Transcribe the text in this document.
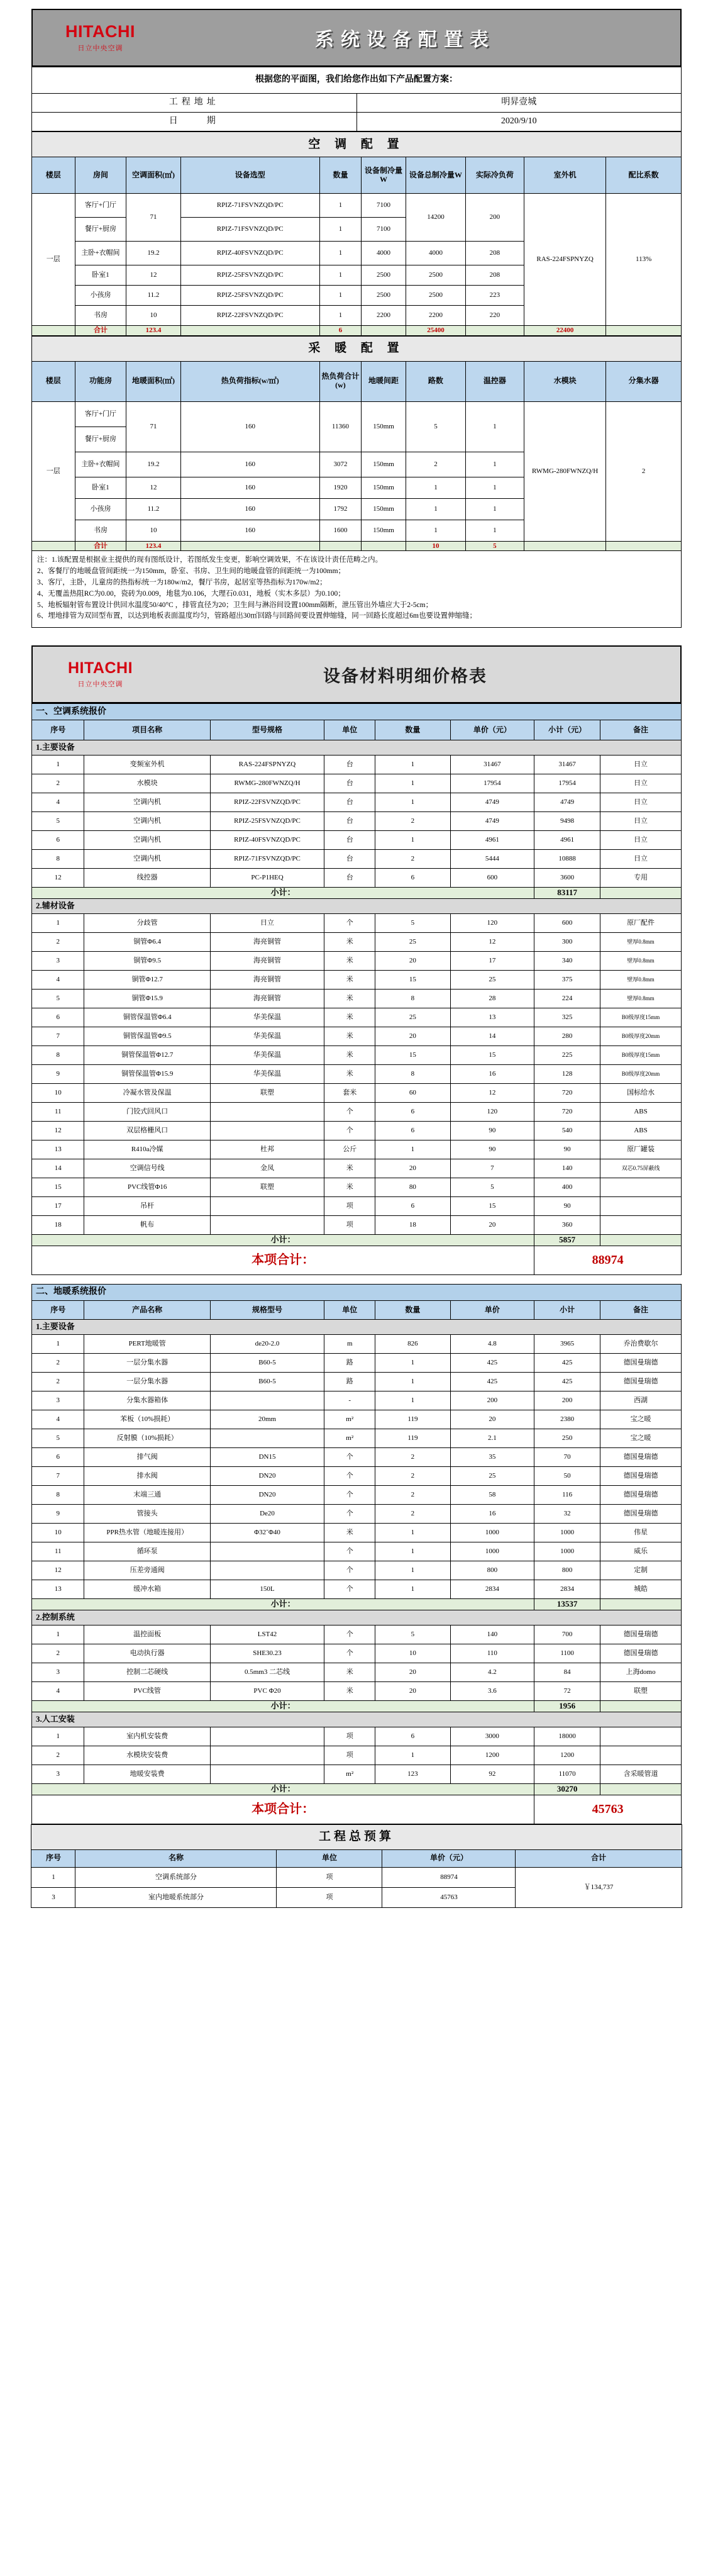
HITACHI
日立中央空调	系统设备配置表
根据您的平面图，我们给您作出如下产品配置方案：	
工程地址	明昇壹城
日　　期	2020/9/10
空 调 配 置									
楼层	房间	空调面积(㎡)	设备选型	数量	设备制冷量W	设备总制冷量W	实际冷负荷	室外机	配比系数
一层	客厅+门厅	71	RPIZ-71FSVNZQD/PC	1	7100	14200	200	RAS-224FSPNYZQ	113%
	餐厅+厨房		RPIZ-71FSVNZQD/PC	1	7100				
	主卧+衣帽间	19.2	RPIZ-40FSVNZQD/PC	1	4000	4000	208		
	卧室1	12	RPIZ-25FSVNZQD/PC	1	2500	2500	208		
	小孩房	11.2	RPIZ-25FSVNZQD/PC	1	2500	2500	223		
	书房	10	RPIZ-22FSVNZQD/PC	1	2200	2200	220		
	合计	123.4		6		25400		22400	
采 暖 配 置									
楼层	功能房	地暖面积(㎡)	热负荷指标(w/㎡)	热负荷合计(w)	地暖间距	路数	温控器	水模块	分集水器
一层	客厅+门厅	71	160	11360	150mm	5	1	RWMG-280FWNZQ/H	2
	餐厅+厨房								
	主卧+衣帽间	19.2	160	3072	150mm	2	1		
	卧室1	12	160	1920	150mm	1	1		
	小孩房	11.2	160	1792	150mm	1	1		
	书房	10	160	1600	150mm	1	1		
	合计	123.4				10	5		
注：1.该配置是根据业主提供的现有图纸设计，若图纸发生变更，影响空调效果，不在该设计责任范畴之内。
2、客餐厅的地暖盘管间距统一为150mm，卧室、书房、卫生间的地暖盘管的间距统一为100mm；
3、客厅，主卧，儿童房的热指标统一为180w/m2，餐厅书房，起居室等热指标为170w/m2；
4、无覆盖热阻RC为0.00，瓷砖为0.009，地毯为0.106，大理石0.031，地板（实木多层）为0.100；
5、地板辐射管布置设计供回水温度50/40°C ，排管直径为20；卫生间与淋浴间设置100mm隔断，泄压管出外墙应大于2-5cm；
6、埋地排管为双回型布置，以达到地板表面温度均匀，管路超出30㎡回路与回路间要设置伸缩缝，同一回路长度超过6m也要设置伸缩缝；
HITACHI
日立中央空调	设备材料明细价格表
一、空调系统报价							
序号	项目名称	型号规格	单位	数量	单价（元）	小计（元）	备注
1.主要设备							
1	变频室外机	RAS-224FSPNYZQ	台	1	31467	31467	日立
2	水模块	RWMG-280FWNZQ/H	台	1	17954	17954	日立
4	空调内机	RPIZ-22FSVNZQD/PC	台	1	4749	4749	日立
5	空调内机	RPIZ-25FSVNZQD/PC	台	2	4749	9498	日立
6	空调内机	RPIZ-40FSVNZQD/PC	台	1	4961	4961	日立
8	空调内机	RPIZ-71FSVNZQD/PC	台	2	5444	10888	日立
12	线控器	PC-P1HEQ	台	6	600	3600	专用
小计：						83117	
2.辅材设备							
1	分歧管	日立	个	5	120	600	原厂配件
2	铜管Φ6.4	海亮铜管	米	25	12	300	壁厚0.8mm
3	铜管Φ9.5	海亮铜管	米	20	17	340	壁厚0.8mm
4	铜管Φ12.7	海亮铜管	米	15	25	375	壁厚0.8mm
5	铜管Φ15.9	海亮铜管	米	8	28	224	壁厚0.8mm
6	铜管保温管Φ6.4	华美保温	米	25	13	325	B0级厚度15mm
7	铜管保温管Φ9.5	华美保温	米	20	14	280	B0级厚度20mm
8	铜管保温管Φ12.7	华美保温	米	15	15	225	B0级厚度15mm
9	铜管保温管Φ15.9	华美保温	米	8	16	128	B0级厚度20mm
10	冷凝水管及保温	联塑	套米	60	12	720	国标给水
11	门铰式回风口		个	6	120	720	ABS
12	双层格栅风口		个	6	90	540	ABS
13	R410a冷媒	杜邦	公斤	1	90	90	原厂罐装
14	空调信号线	金凤	米	20	7	140	双芯0.75屏蔽线
15	PVC线管Φ16	联塑	米	80	5	400	
17	吊杆		项	6	15	90	
18	帆布		项	18	20	360	
小计：						5857	
本项合计：						88974	
二、地暖系统报价							
序号	产品名称	规格型号	单位	数量	单价	小计	备注
1.主要设备							
1	PERT地暖管	de20-2.0	m	826	4.8	3965	乔治费歇尔
2	一层分集水器	B60-5	路	1	425	425	德国曼瑞德
2	一层分集水器	B60-5	路	1	425	425	德国曼瑞德
3	分集水器箱体		-	1	200	200	西湖
4	苯板（10%损耗）	20mm	m²	119	20	2380	宝之暖
5	反射膜（10%损耗）		m²	119	2.1	250	宝之暖
6	排气阀	DN15	个	2	35	70	德国曼瑞德
7	排水阀	DN20	个	2	25	50	德国曼瑞德
8	末端三通	DN20	个	2	58	116	德国曼瑞德
9	管接头	De20	个	2	16	32	德国曼瑞德
10	PPR热水管（地暖连接用）	Φ32˜Φ40	米	1	1000	1000	伟星
11	循环泵		个	1	1000	1000	威乐
12	压差旁通阀		个	1	800	800	定制
13	缓冲水箱	150L	个	1	2834	2834	城皓
小计：						13537	
2.控制系统							
1	温控面板	LST42	个	5	140	700	德国曼瑞德
2	电动执行器	SHE30.23	个	10	110	1100	德国曼瑞德
3	控制二芯硬线	0.5mm3 二芯线	米	20	4.2	84	上海domo
4	PVC线管	PVC Φ20	米	20	3.6	72	联塑
小计：						1956	
3.人工安装							
1	室内机安装费		项	6	3000	18000	
2	水模块安装费		项	1	1200	1200	
3	地暖安装费		m²	123	92	11070	含采暖管道
小计：						30270	
本项合计：						45763	
工程总预算				
序号	名称	单位	单价（元）	合计
1	空调系统部分	项	88974	￥134,737
3	室内地暖系统部分	项	45763	
